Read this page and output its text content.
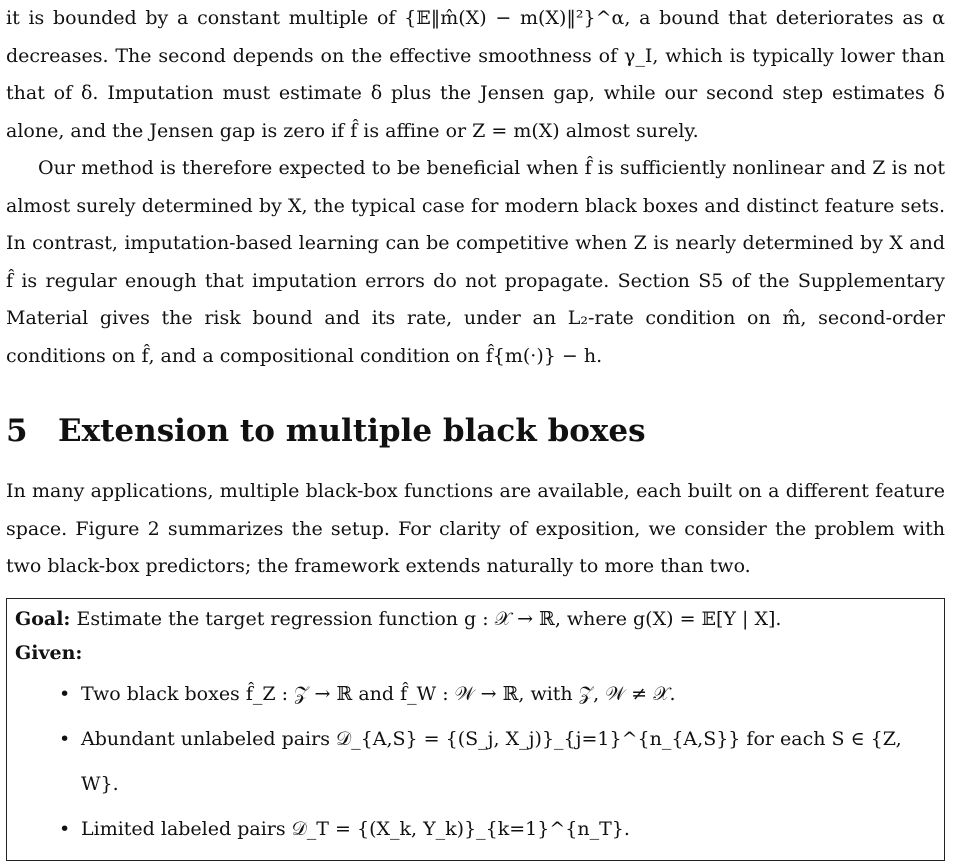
it is bounded by a constant multiple of {𝔼‖m̂(X) − m(X)‖²}^α, a bound that deteriorates as α decreases. The second depends on the effective smoothness of γ_I, which is typically lower than that of δ. Imputation must estimate δ plus the Jensen gap, while our second step estimates δ alone, and the Jensen gap is zero if f̂ is affine or Z = m(X) almost surely.

Our method is therefore expected to be beneficial when f̂ is sufficiently nonlinear and Z is not almost surely determined by X, the typical case for modern black boxes and distinct feature sets. In contrast, imputation-based learning can be competitive when Z is nearly determined by X and f̂ is regular enough that imputation errors do not propagate. Section S5 of the Supplementary Material gives the risk bound and its rate, under an L₂-rate condition on m̂, second-order conditions on f̂, and a compositional condition on f̂{m(·)} − h.

5 Extension to multiple black boxes

In many applications, multiple black-box functions are available, each built on a different feature space. Figure 2 summarizes the setup. For clarity of exposition, we consider the problem with two black-box predictors; the framework extends naturally to more than two.

Goal: Estimate the target regression function g : 𝒳 → ℝ, where g(X) = 𝔼[Y | X].
Given:
• Two black boxes f̂_Z : 𝒵 → ℝ and f̂_W : 𝒲 → ℝ, with 𝒵, 𝒲 ≠ 𝒳.
• Abundant unlabeled pairs 𝒟_{A,S} = {(S_j, X_j)}_{j=1}^{n_{A,S}} for each S ∈ {Z, W}.
• Limited labeled pairs 𝒟_T = {(X_k, Y_k)}_{k=1}^{n_T}.
